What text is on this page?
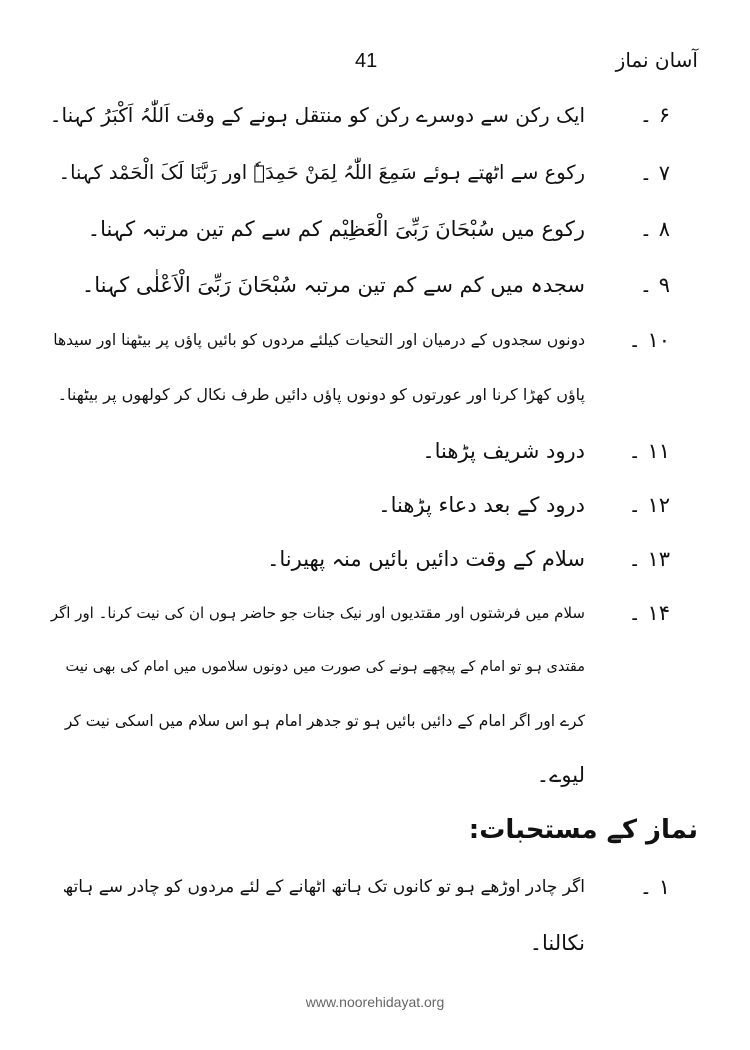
آسان نماز
41
۶ ۔
ایک رکن سے دوسرے رکن کو منتقل ہونے کے وقت اَللّٰہُ اَکْبَرُ کہنا۔
۷ ۔
رکوع سے اٹھتے ہوئے سَمِعَ اللّٰہُ لِمَنْ حَمِدَہٗ اور رَبَّنَا لَکَ الْحَمْد کہنا۔
۸ ۔
رکوع میں سُبْحَانَ رَبِّیَ الْعَظِیْم کم سے کم تین مرتبہ کہنا۔
۹ ۔
سجدہ میں کم سے کم تین مرتبہ سُبْحَانَ رَبِّیَ الْاَعْلٰی کہنا۔
۱۰ ۔
دونوں سجدوں کے درمیان اور التحیات کیلئے مردوں کو بائیں پاؤں پر بیٹھنا اور سیدھا
پاؤں کھڑا کرنا اور عورتوں کو دونوں پاؤں دائیں طرف نکال کر کولھوں پر بیٹھنا۔
۱۱ ۔
درود شریف پڑھنا۔
۱۲ ۔
درود کے بعد دعاء پڑھنا۔
۱۳ ۔
سلام کے وقت دائیں بائیں منہ پھیرنا۔
۱۴ ۔
سلام میں فرشتوں اور مقتدیوں اور نیک جنات جو حاضر ہوں ان کی نیت کرنا۔ اور اگر
مقتدی ہو تو امام کے پیچھے ہونے کی صورت میں دونوں سلاموں میں امام کی بھی نیت
کرے اور اگر امام کے دائیں بائیں ہو تو جدھر امام ہو اس سلام میں اسکی نیت کر
لیوے۔
نماز کے مستحبات:
۱ ۔
اگر چادر اوڑھے ہو تو کانوں تک ہاتھ اٹھانے کے لئے مردوں کو چادر سے ہاتھ
نکالنا۔
www.noorehidayat.org
